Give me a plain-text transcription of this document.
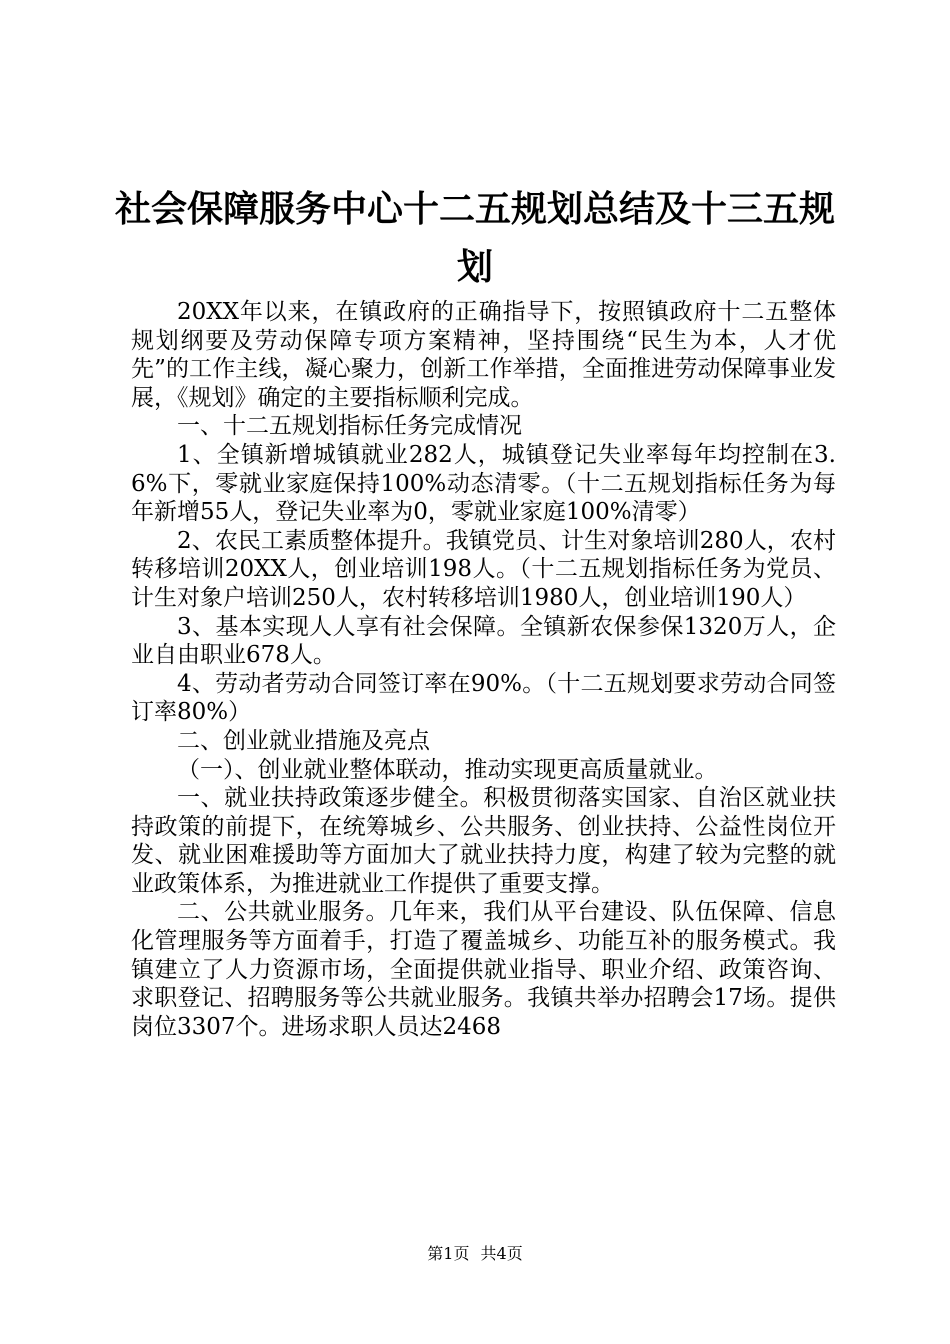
社会保障服务中心十二五规划总结及十三五规划

20XX年以来，在镇政府的正确指导下，按照镇政府十二五整体规划纲要及劳动保障专项方案精神，坚持围绕“民生为本，人才优先”的工作主线，凝心聚力，创新工作举措，全面推进劳动保障事业发展，《规划》确定的主要指标顺利完成。

一、十二五规划指标任务完成情况

1、全镇新增城镇就业282人，城镇登记失业率每年均控制在3.6%下，零就业家庭保持100%动态清零。（十二五规划指标任务为每年新增55人，登记失业率为0，零就业家庭100%清零）

2、农民工素质整体提升。我镇党员、计生对象培训280人，农村转移培训20XX人，创业培训198人。（十二五规划指标任务为党员、计生对象户培训250人，农村转移培训1980人，创业培训190人）

3、基本实现人人享有社会保障。全镇新农保参保1320万人，企业自由职业678人。

4、劳动者劳动合同签订率在90%。（十二五规划要求劳动合同签订率80%）

二、创业就业措施及亮点

（一）、创业就业整体联动，推动实现更高质量就业。

一、就业扶持政策逐步健全。积极贯彻落实国家、自治区就业扶持政策的前提下，在统筹城乡、公共服务、创业扶持、公益性岗位开发、就业困难援助等方面加大了就业扶持力度，构建了较为完整的就业政策体系，为推进就业工作提供了重要支撑。

二、公共就业服务。几年来，我们从平台建设、队伍保障、信息化管理服务等方面着手，打造了覆盖城乡、功能互补的服务模式。我镇建立了人力资源市场，全面提供就业指导、职业介绍、政策咨询、求职登记、招聘服务等公共就业服务。我镇共举办招聘会17场。提供岗位3307个。进场求职人员达2468

第1页 共4页
